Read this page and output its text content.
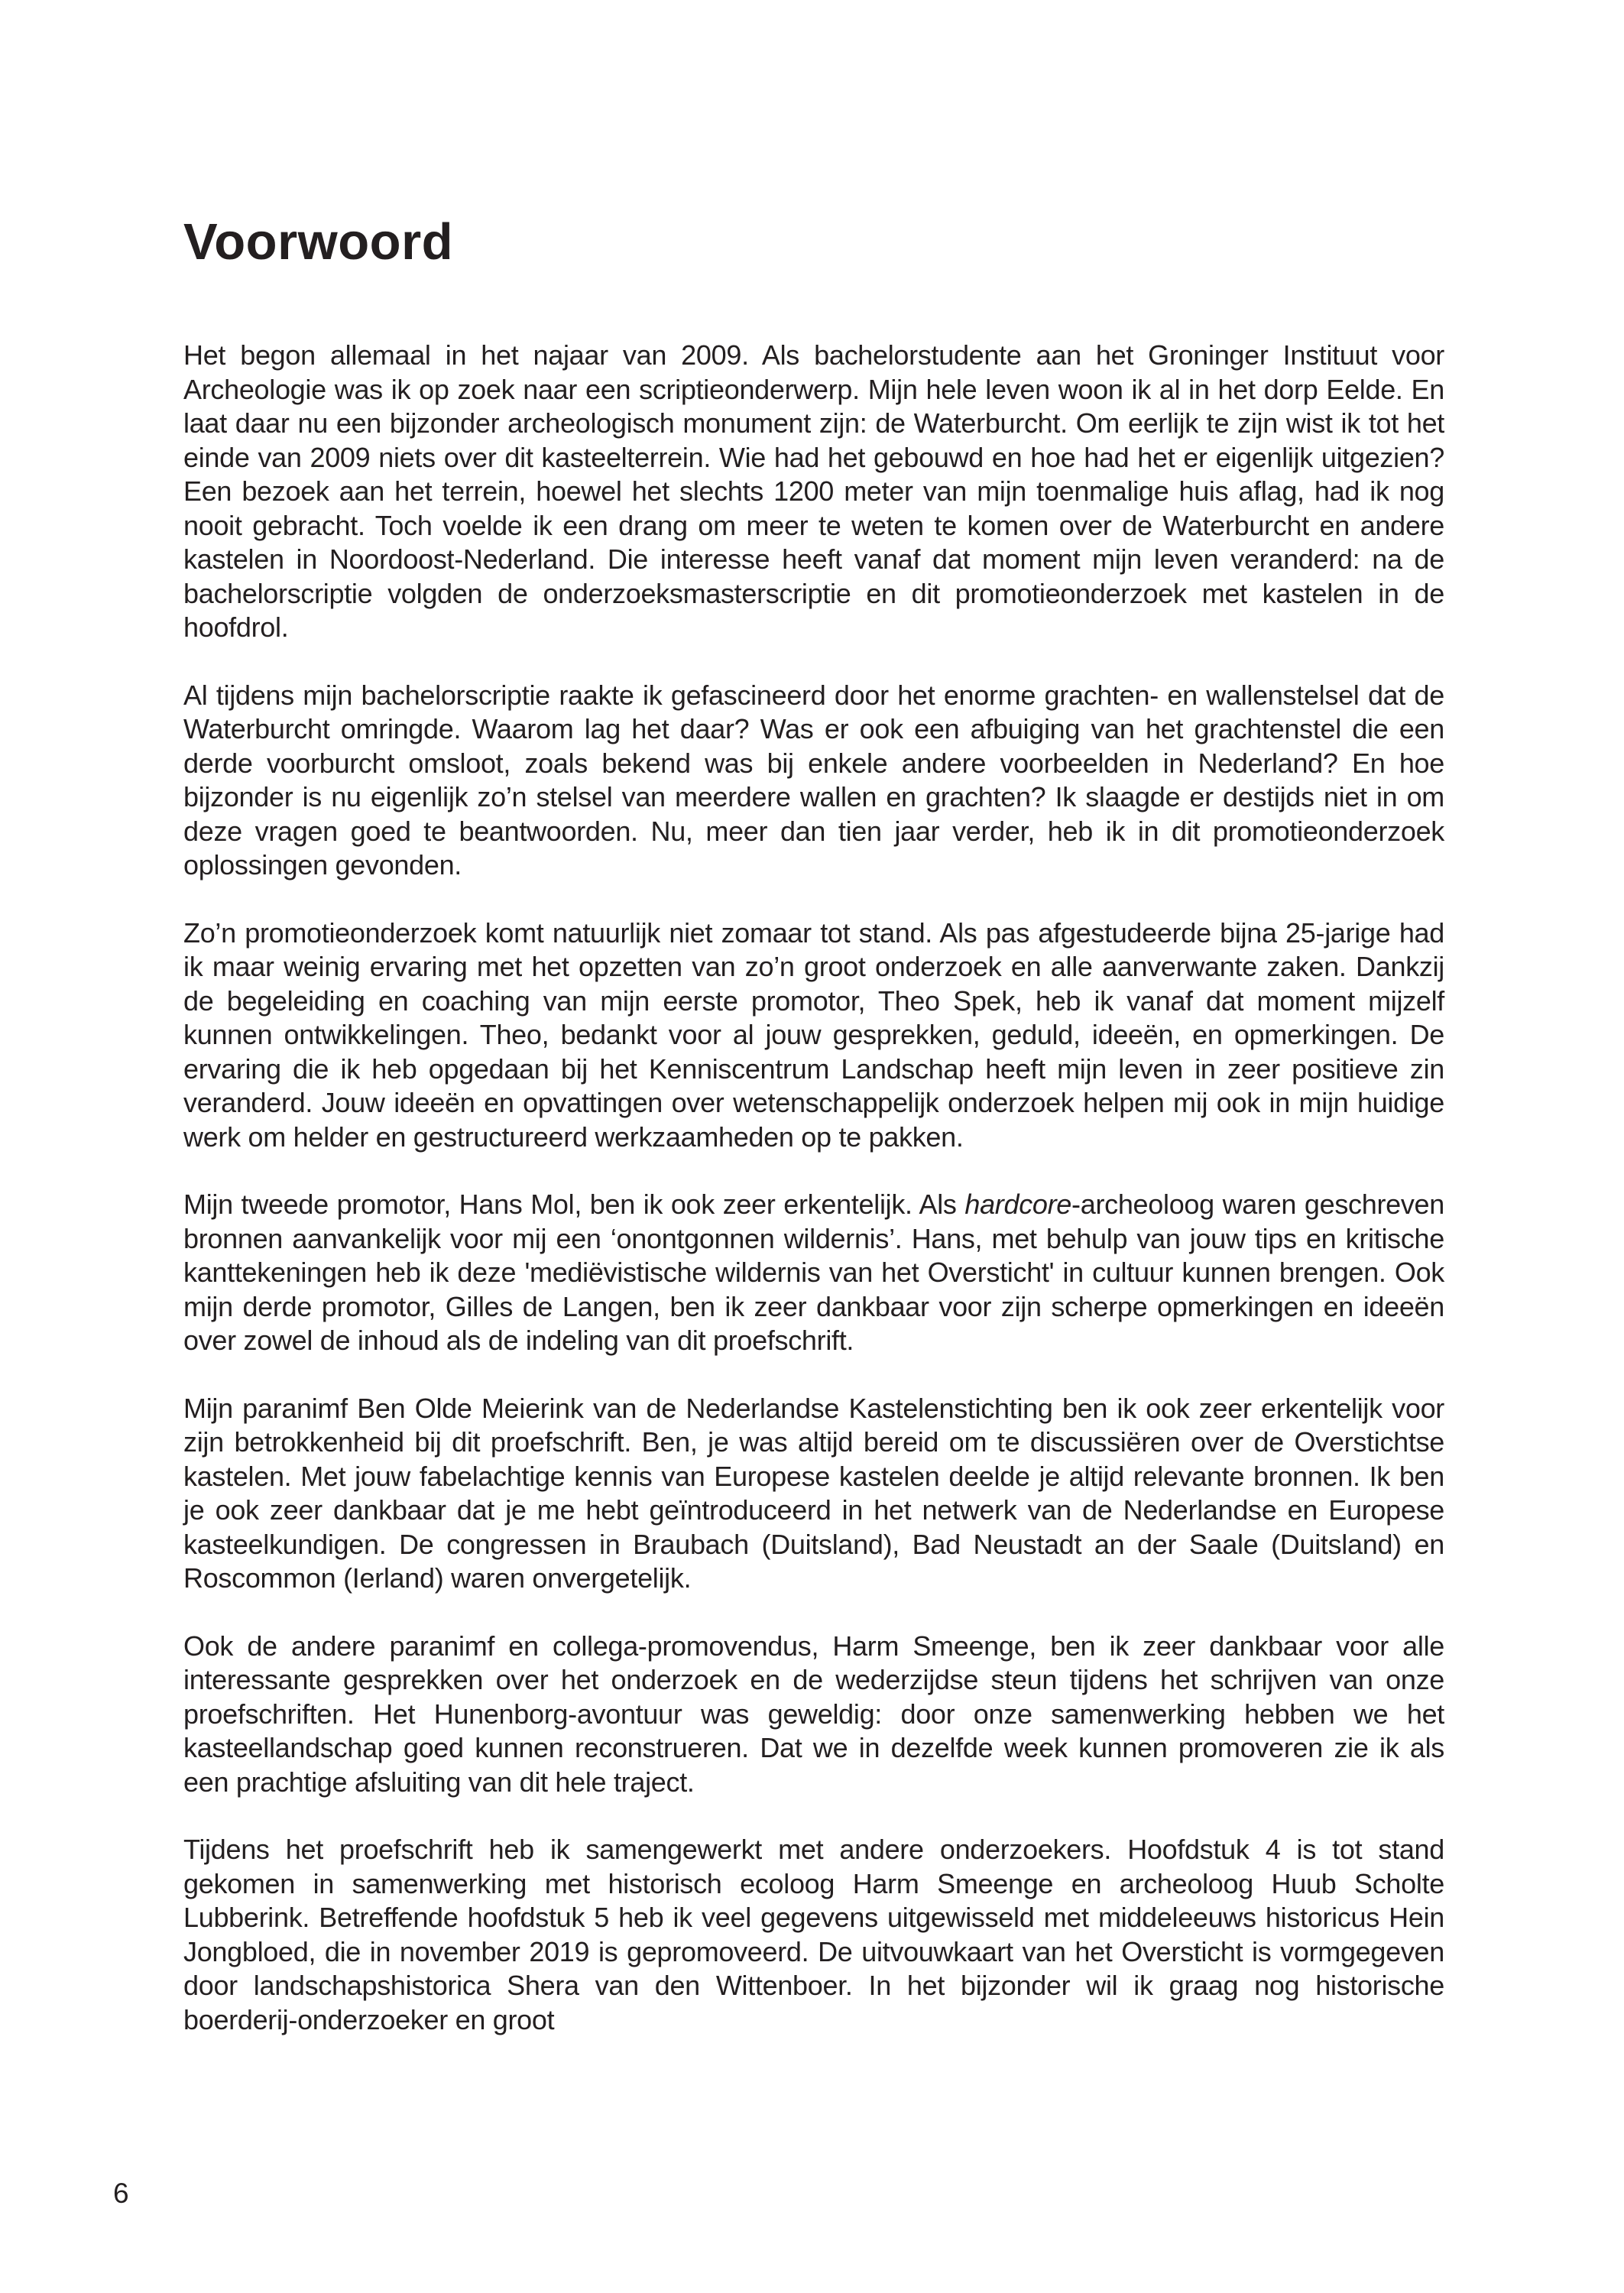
Voorwoord

Het begon allemaal in het najaar van 2009. Als bachelorstudente aan het Groninger Instituut voor Archeologie was ik op zoek naar een scriptieonderwerp. Mijn hele leven woon ik al in het dorp Eelde. En laat daar nu een bijzonder archeologisch monument zijn: de Waterburcht. Om eerlijk te zijn wist ik tot het einde van 2009 niets over dit kasteelterrein. Wie had het gebouwd en hoe had het er eigenlijk uitgezien? Een bezoek aan het terrein, hoewel het slechts 1200 meter van mijn toenmalige huis aflag, had ik nog nooit gebracht. Toch voelde ik een drang om meer te weten te komen over de Waterburcht en andere kastelen in Noordoost-Nederland. Die interesse heeft vanaf dat moment mijn leven veranderd: na de bachelorscriptie volgden de onderzoeksmasterscriptie en dit promotieonderzoek met kastelen in de hoofdrol.

Al tijdens mijn bachelorscriptie raakte ik gefascineerd door het enorme grachten- en wallenstelsel dat de Waterburcht omringde. Waarom lag het daar? Was er ook een afbuiging van het grachtenstel die een derde voorburcht omsloot, zoals bekend was bij enkele andere voorbeelden in Nederland? En hoe bijzonder is nu eigenlijk zo’n stelsel van meerdere wallen en grachten? Ik slaagde er destijds niet in om deze vragen goed te beantwoorden. Nu, meer dan tien jaar verder, heb ik in dit promotieonderzoek oplossingen gevonden.

Zo’n promotieonderzoek komt natuurlijk niet zomaar tot stand. Als pas afgestudeerde bijna 25-jarige had ik maar weinig ervaring met het opzetten van zo’n groot onderzoek en alle aanverwante zaken. Dankzij de begeleiding en coaching van mijn eerste promotor, Theo Spek, heb ik vanaf dat moment mijzelf kunnen ontwikkelingen. Theo, bedankt voor al jouw gesprekken, geduld, ideeën, en opmerkingen. De ervaring die ik heb opgedaan bij het Kenniscentrum Landschap heeft mijn leven in zeer positieve zin veranderd. Jouw ideeën en opvattingen over wetenschappelijk onderzoek helpen mij ook in mijn huidige werk om helder en gestructureerd werkzaamheden op te pakken.

Mijn tweede promotor, Hans Mol, ben ik ook zeer erkentelijk. Als hardcore-archeoloog waren geschreven bronnen aanvankelijk voor mij een ‘onontgonnen wildernis’. Hans, met behulp van jouw tips en kritische kanttekeningen heb ik deze 'mediëvistische wildernis van het Oversticht' in cultuur kunnen brengen. Ook mijn derde promotor, Gilles de Langen, ben ik zeer dankbaar voor zijn scherpe opmerkingen en ideeën over zowel de inhoud als de indeling van dit proefschrift.

Mijn paranimf Ben Olde Meierink van de Nederlandse Kastelenstichting ben ik ook zeer erkentelijk voor zijn betrokkenheid bij dit proefschrift. Ben, je was altijd bereid om te discussiëren over de Overstichtse kastelen. Met jouw fabelachtige kennis van Europese kastelen deelde je altijd relevante bronnen. Ik ben je ook zeer dankbaar dat je me hebt geïntroduceerd in het netwerk van de Nederlandse en Europese kasteelkundigen. De congressen in Braubach (Duitsland), Bad Neustadt an der Saale (Duitsland) en Roscommon (Ierland) waren onvergetelijk.

Ook de andere paranimf en collega-promovendus, Harm Smeenge, ben ik zeer dankbaar voor alle interessante gesprekken over het onderzoek en de wederzijdse steun tijdens het schrijven van onze proefschriften. Het Hunenborg-avontuur was geweldig: door onze samenwerking hebben we het kasteellandschap goed kunnen reconstrueren. Dat we in dezelfde week kunnen promoveren zie ik als een prachtige afsluiting van dit hele traject.

Tijdens het proefschrift heb ik samengewerkt met andere onderzoekers. Hoofdstuk 4 is tot stand gekomen in samenwerking met historisch ecoloog Harm Smeenge en archeoloog Huub Scholte Lubberink. Betreffende hoofdstuk 5 heb ik veel gegevens uitgewisseld met middeleeuws historicus Hein Jongbloed, die in november 2019 is gepromoveerd. De uitvouwkaart van het Oversticht is vormgegeven door landschapshistorica Shera van den Wittenboer. In het bijzonder wil ik graag nog historische boerderij-onderzoeker en groot

6
